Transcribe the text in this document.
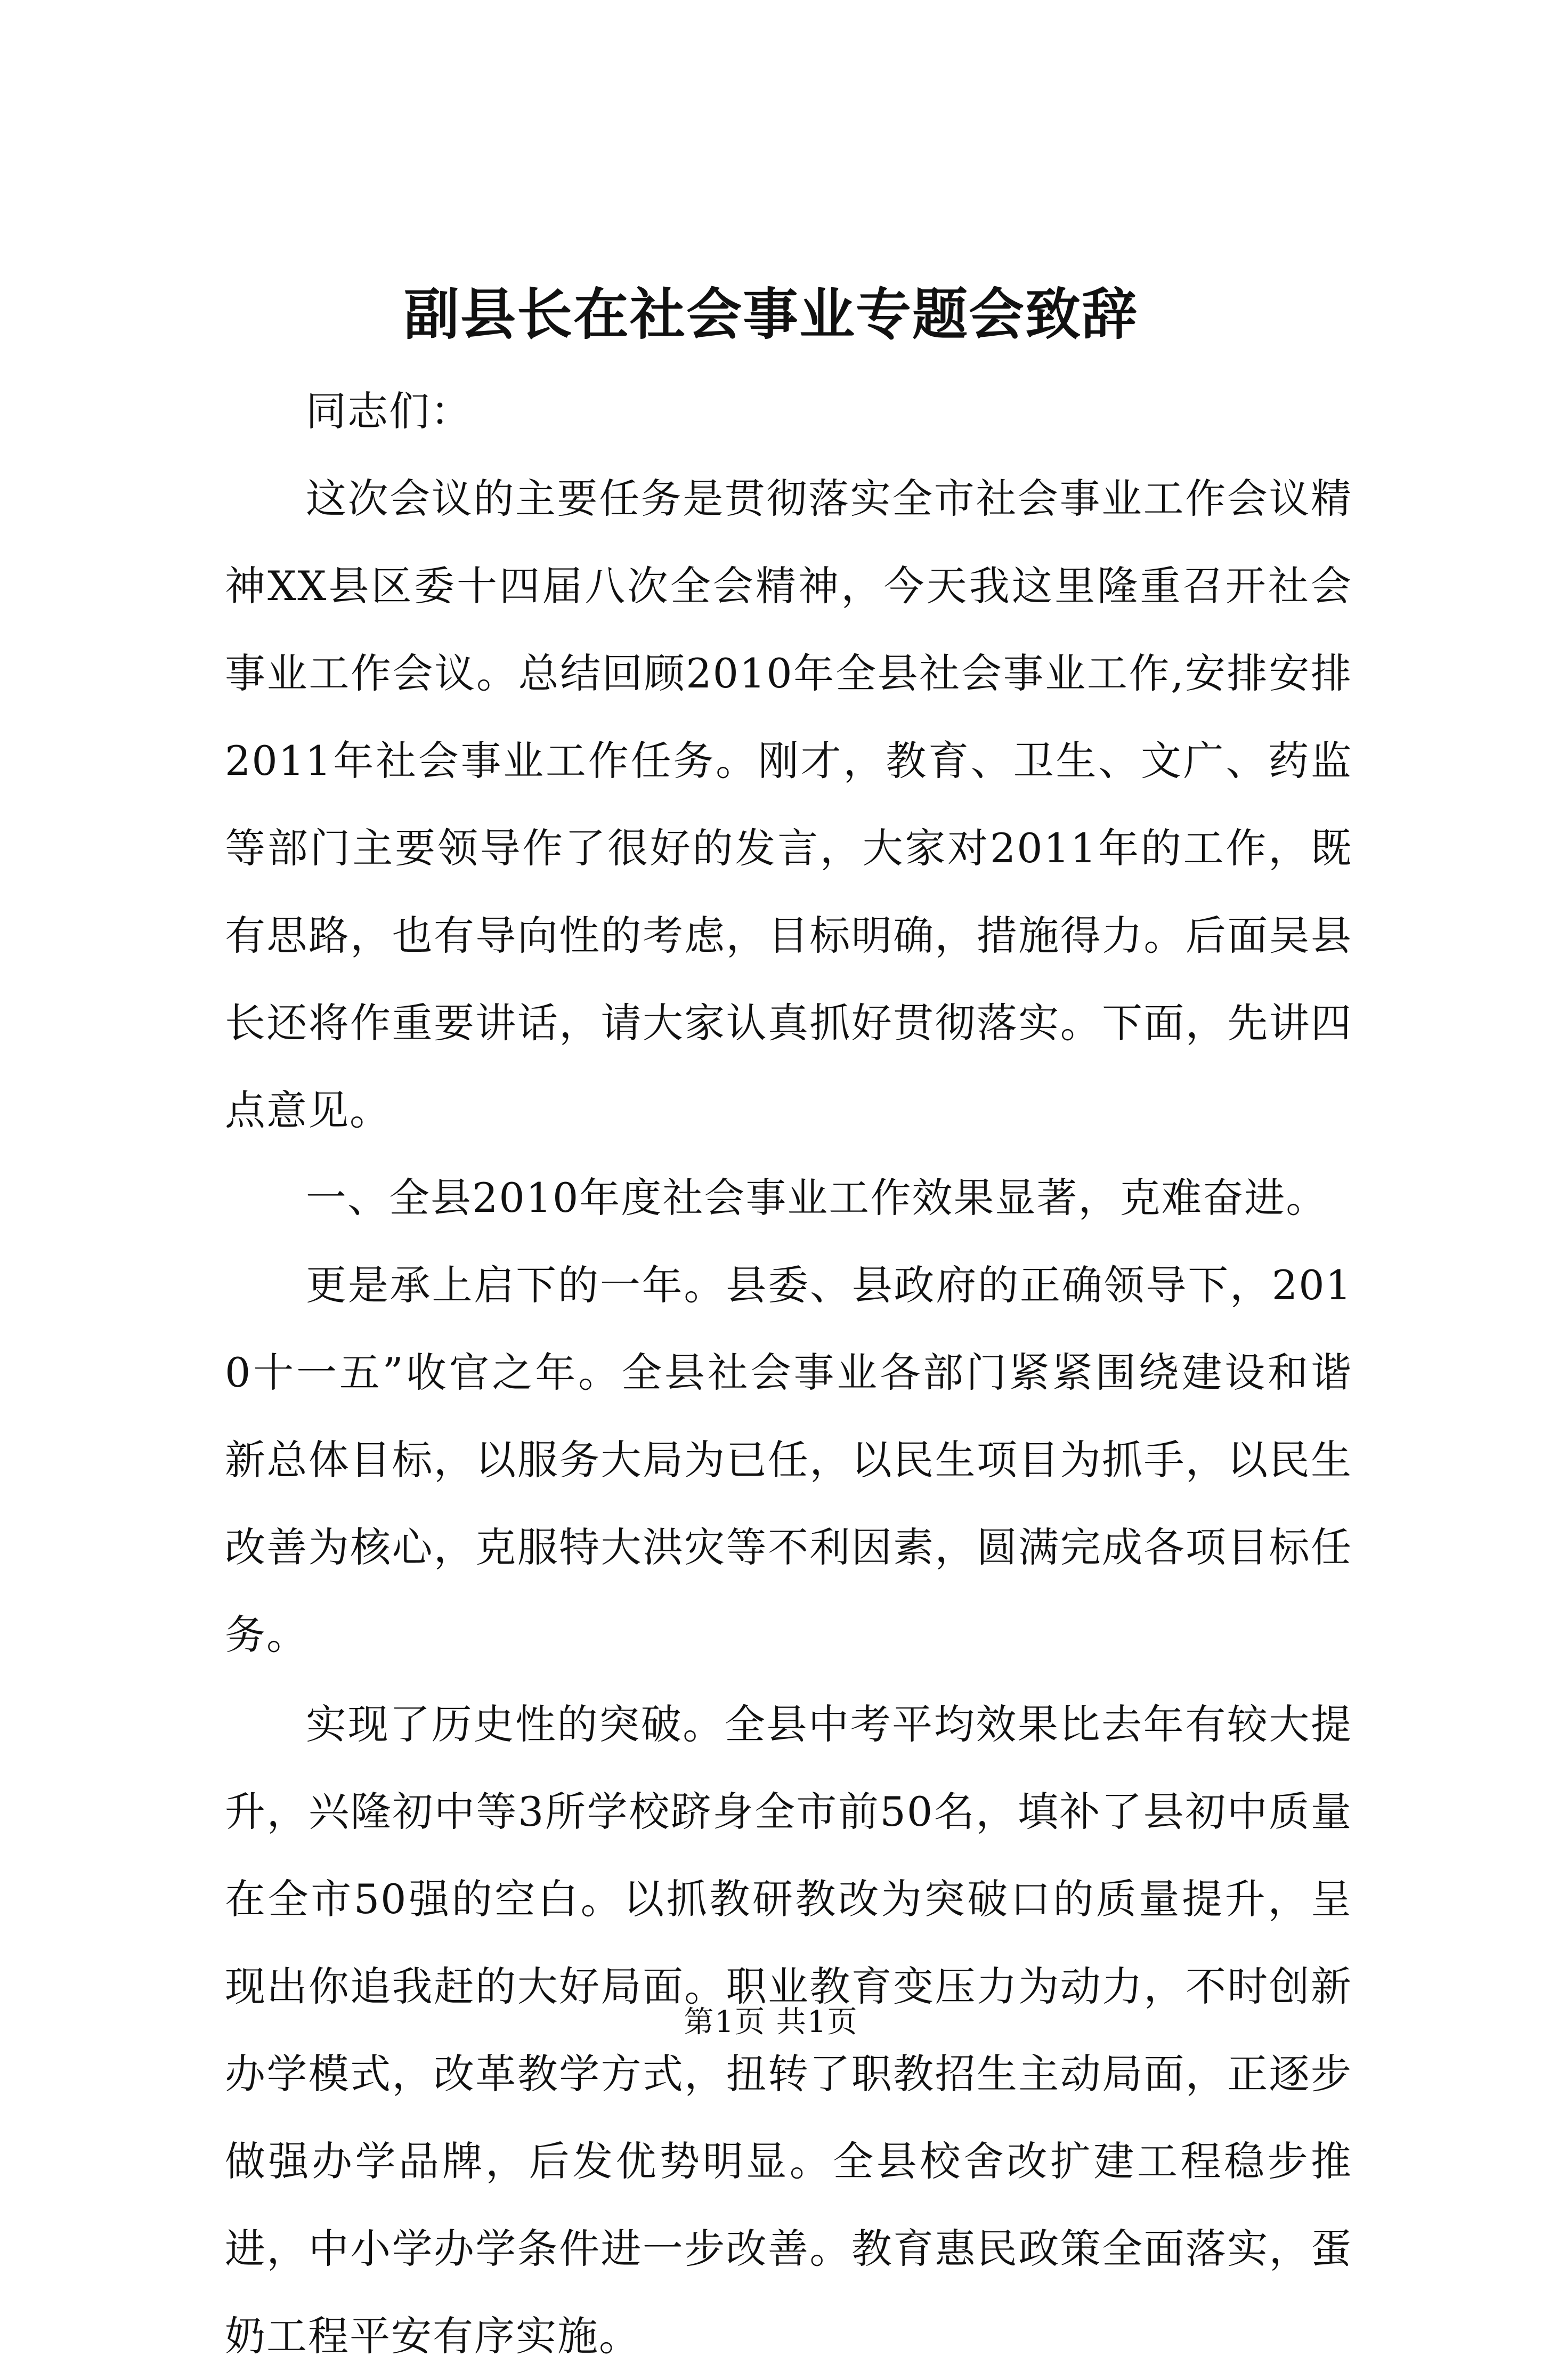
副县长在社会事业专题会致辞

同志们：

这次会议的主要任务是贯彻落实全市社会事业工作会议精神XX县区委十四届八次全会精神，今天我这里隆重召开社会事业工作会议。总结回顾2010年全县社会事业工作,安排安排2011年社会事业工作任务。刚才，教育、卫生、文广、药监等部门主要领导作了很好的发言，大家对2011年的工作，既有思路，也有导向性的考虑，目标明确，措施得力。后面吴县长还将作重要讲话，请大家认真抓好贯彻落实。下面，先讲四点意见。

一、全县2010年度社会事业工作效果显著，克难奋进。

更是承上启下的一年。县委、县政府的正确领导下，2010十一五”收官之年。全县社会事业各部门紧紧围绕建设和谐新总体目标，以服务大局为已任，以民生项目为抓手，以民生改善为核心，克服特大洪灾等不利因素，圆满完成各项目标任务。

实现了历史性的突破。全县中考平均效果比去年有较大提升，兴隆初中等3所学校跻身全市前50名，填补了县初中质量在全市50强的空白。以抓教研教改为突破口的质量提升，呈现出你追我赶的大好局面。职业教育变压力为动力，不时创新办学模式，改革教学方式，扭转了职教招生主动局面，正逐步做强办学品牌，后发优势明显。全县校舍改扩建工程稳步推进，中小学办学条件进一步改善。教育惠民政策全面落实，蛋奶工程平安有序实施。

第1页 共1页
